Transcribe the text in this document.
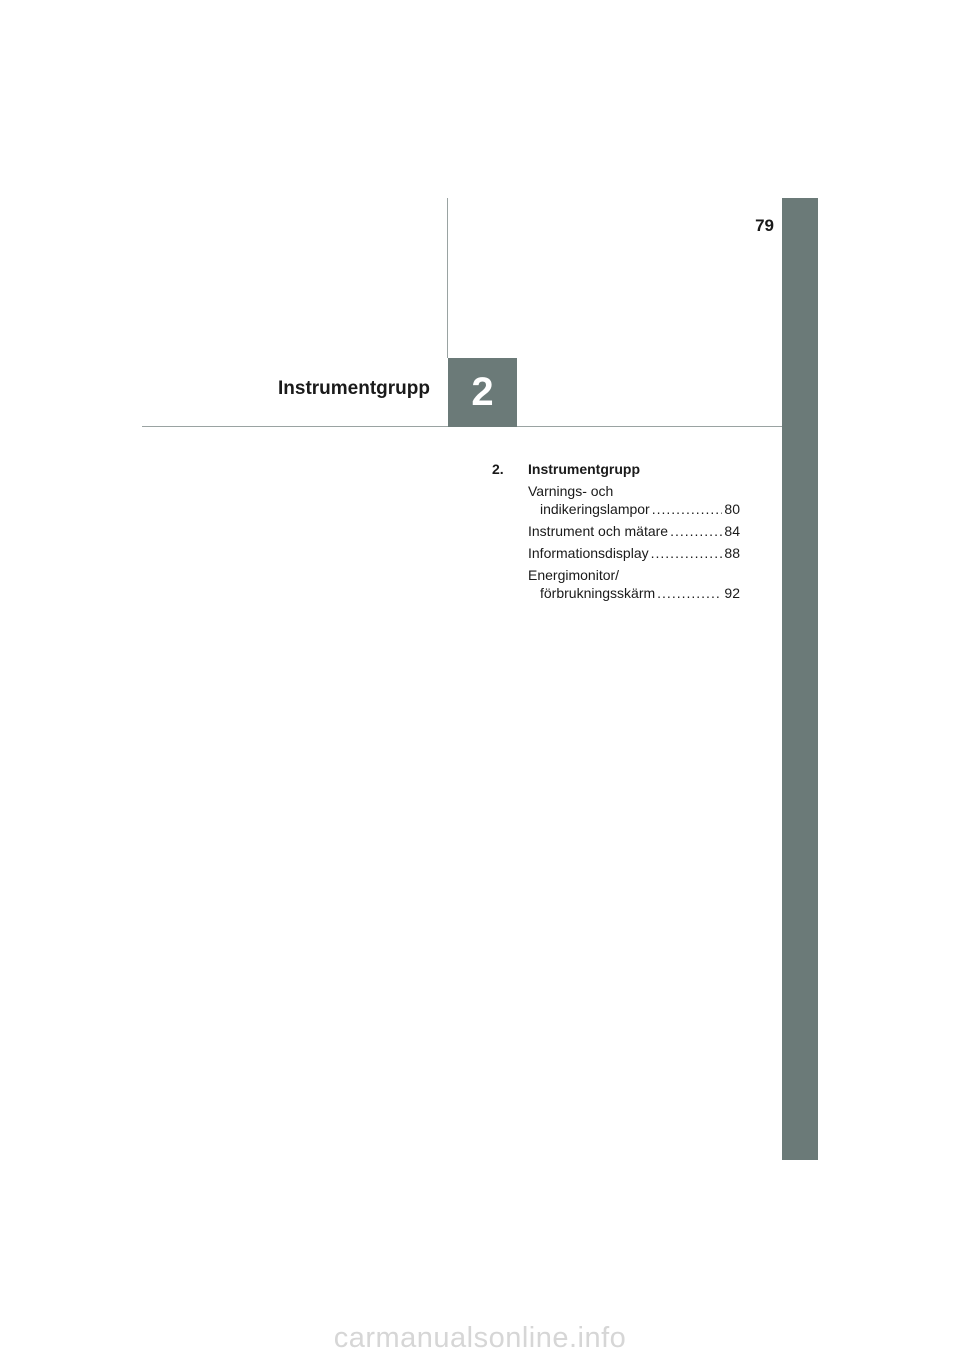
79
2
Instrumentgrupp
2.	Instrumentgrupp
Varnings- och
indikeringslampor .....	80
Instrument och mätare .....	84
Informationsdisplay .....	88
Energimonitor/
förbrukningsskärm .....	92
carmanualsonline.info
